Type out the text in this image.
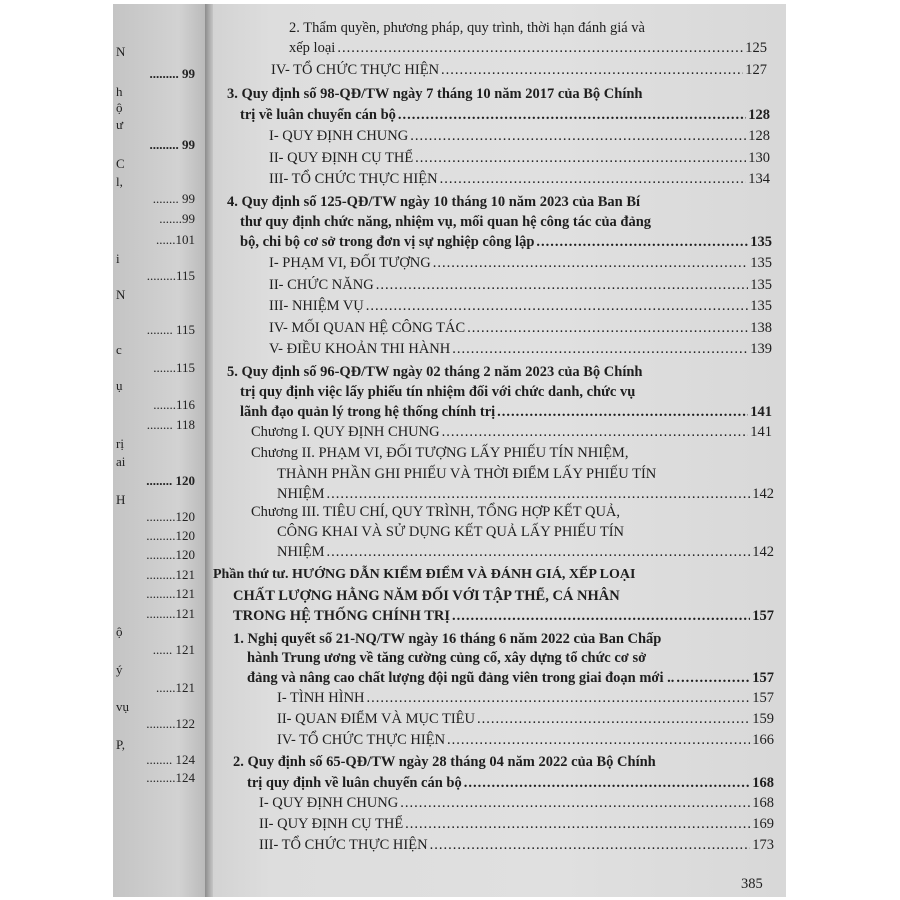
N
......... 99
h
ộ
ư
......... 99
C
l,
........ 99
.......99
......101
i
.........115
N
........ 115
c
.......115
ụ
.......116
........ 118
rị
ai
........ 120
H
.........120
.........120
.........120
.........121
.........121
.........121
ộ
...... 121
ý
......121
vụ
.........122
P,
........ 124
.........124
2. Thẩm quyền, phương pháp, quy trình, thời hạn đánh giá và
xếp loại .....	125
IV- TỔ CHỨC THỰC HIỆN .....	127
3. Quy định số 98-QĐ/TW ngày 7 tháng 10 năm 2017 của Bộ Chính
trị về luân chuyển cán bộ .....	128
I- QUY ĐỊNH CHUNG .....	128
II- QUY ĐỊNH CỤ THỂ .....	130
III- TỔ CHỨC THỰC HIỆN .....	134
4. Quy định số 125-QĐ/TW ngày 10 tháng 10 năm 2023 của Ban Bí
thư quy định chức năng, nhiệm vụ, mối quan hệ công tác của đảng
bộ, chi bộ cơ sở trong đơn vị sự nghiệp công lập .....	135
I- PHẠM VI, ĐỐI TƯỢNG .....	135
II- CHỨC NĂNG .....	135
III- NHIỆM VỤ .....	135
IV- MỐI QUAN HỆ CÔNG TÁC .....	138
V- ĐIỀU KHOẢN THI HÀNH .....	139
5. Quy định số 96-QĐ/TW ngày 02 tháng 2 năm 2023 của Bộ Chính
trị quy định việc lấy phiếu tín nhiệm đối với chức danh, chức vụ
lãnh đạo quản lý trong hệ thống chính trị .....	141
Chương I. QUY ĐỊNH CHUNG .....	141
Chương II. PHẠM VI, ĐỐI TƯỢNG LẤY PHIẾU TÍN NHIỆM,
THÀNH PHẦN GHI PHIẾU VÀ THỜI ĐIỂM LẤY PHIẾU TÍN
NHIỆM .....	142
Chương III. TIÊU CHÍ, QUY TRÌNH, TỔNG HỢP KẾT QUẢ,
CÔNG KHAI VÀ SỬ DỤNG KẾT QUẢ LẤY PHIẾU TÍN
NHIỆM .....	142
Phần thứ tư. HƯỚNG DẪN KIỂM ĐIỂM VÀ ĐÁNH GIÁ, XẾP LOẠI
CHẤT LƯỢNG HẰNG NĂM ĐỐI VỚI TẬP THỂ, CÁ NHÂN
TRONG HỆ THỐNG CHÍNH TRỊ .....	157
1. Nghị quyết số 21-NQ/TW ngày 16 tháng 6 năm 2022 của Ban Chấp
hành Trung ương về tăng cường củng cố, xây dựng tổ chức cơ sở
đảng và nâng cao chất lượng đội ngũ đảng viên trong giai đoạn mới .. .....	157
I- TÌNH HÌNH .....	157
II- QUAN ĐIỂM VÀ MỤC TIÊU .....	159
IV- TỔ CHỨC THỰC HIỆN .....	166
2. Quy định số 65-QĐ/TW ngày 28 tháng 04 năm 2022 của Bộ Chính
trị quy định về luân chuyển cán bộ .....	168
I- QUY ĐỊNH CHUNG .....	168
II- QUY ĐỊNH CỤ THỂ .....	169
III- TỔ CHỨC THỰC HIỆN .....	173
385
